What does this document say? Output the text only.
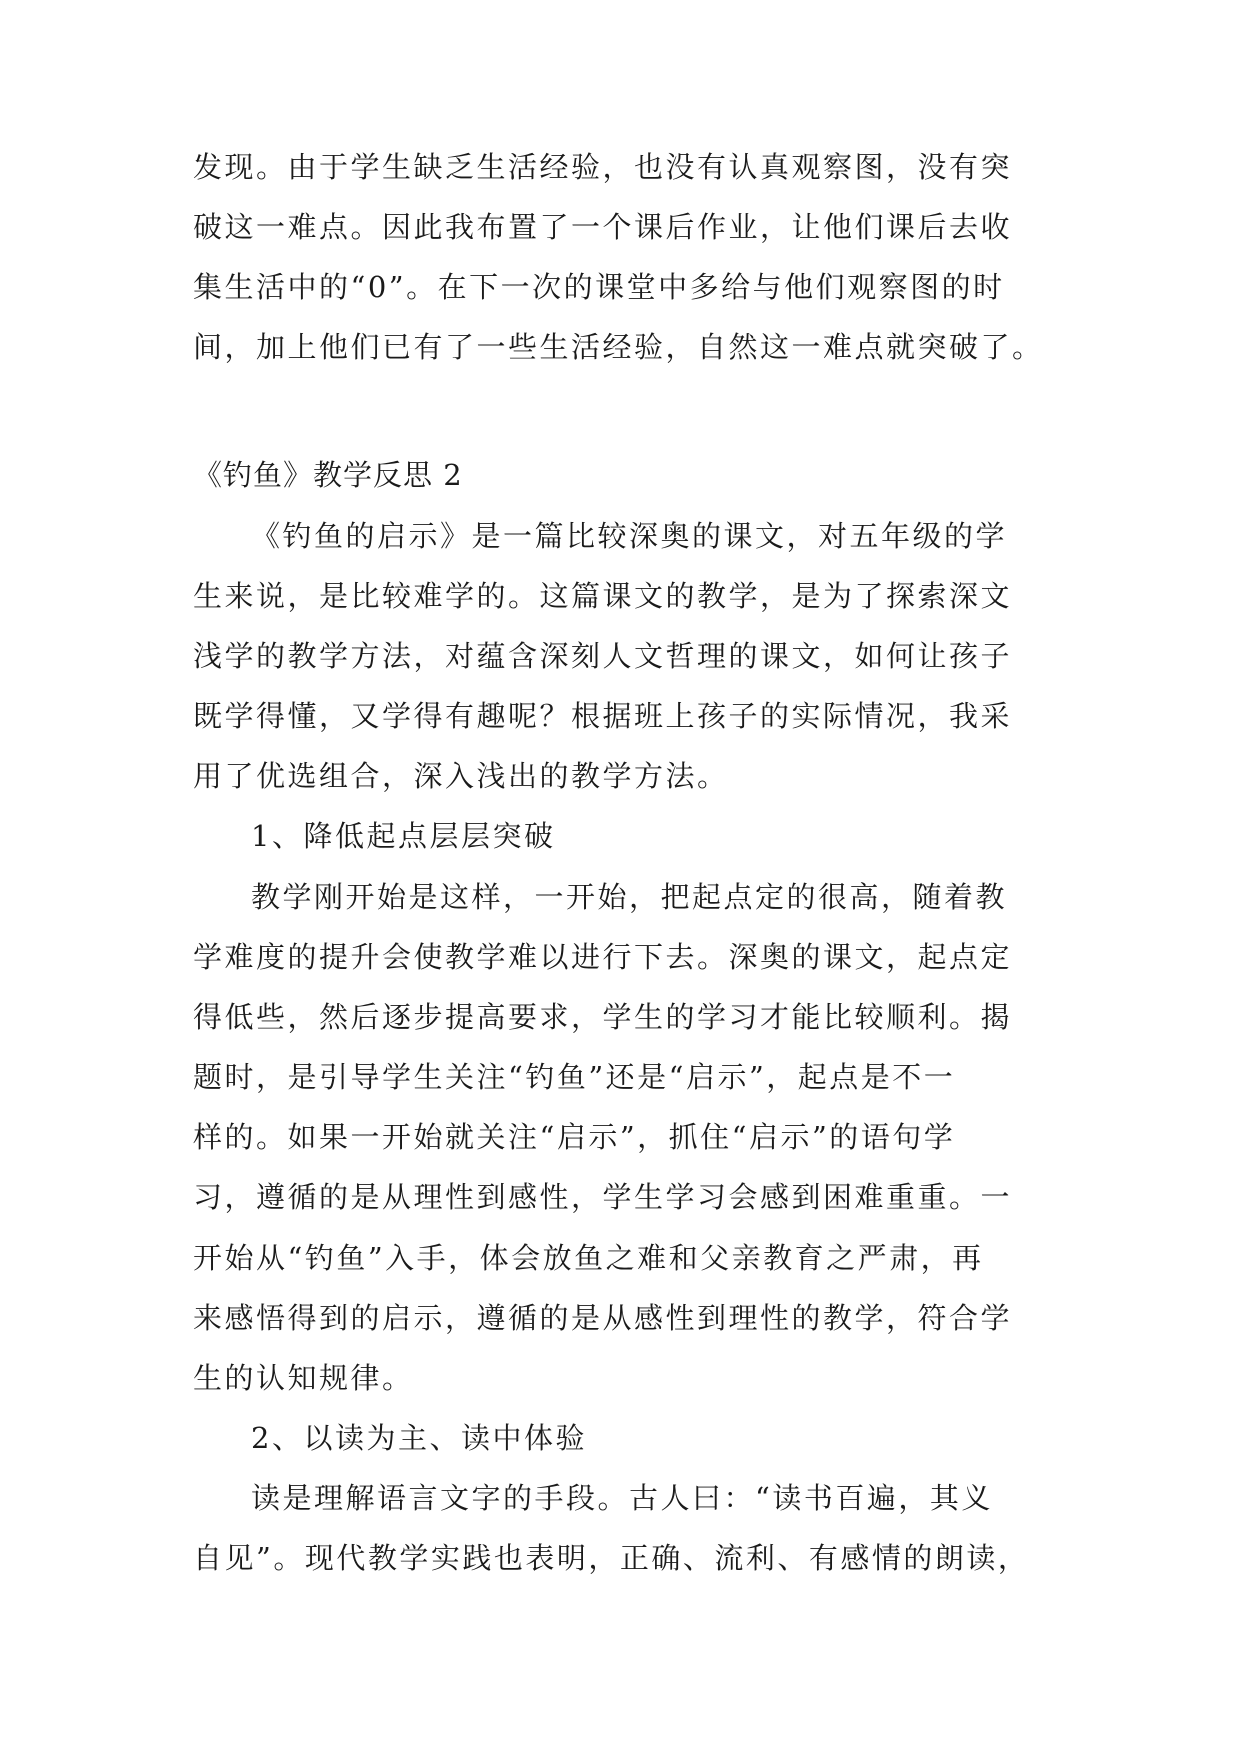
发现。由于学生缺乏生活经验，也没有认真观察图，没有突
破这一难点。因此我布置了一个课后作业，让他们课后去收
集生活中的“0”。在下一次的课堂中多给与他们观察图的时
间，加上他们已有了一些生活经验，自然这一难点就突破了。
《钓鱼》教学反思 2
《钓鱼的启示》是一篇比较深奥的课文，对五年级的学
生来说，是比较难学的。这篇课文的教学，是为了探索深文
浅学的教学方法，对蕴含深刻人文哲理的课文，如何让孩子
既学得懂，又学得有趣呢？根据班上孩子的实际情况，我采
用了优选组合，深入浅出的教学方法。
1、降低起点层层突破
教学刚开始是这样，一开始，把起点定的很高，随着教
学难度的提升会使教学难以进行下去。深奥的课文，起点定
得低些，然后逐步提高要求，学生的学习才能比较顺利。揭
题时，是引导学生关注“钓鱼”还是“启示”，起点是不一
样的。如果一开始就关注“启示”，抓住“启示”的语句学
习，遵循的是从理性到感性，学生学习会感到困难重重。一
开始从“钓鱼”入手，体会放鱼之难和父亲教育之严肃，再
来感悟得到的启示，遵循的是从感性到理性的教学，符合学
生的认知规律。
2、以读为主、读中体验
读是理解语言文字的手段。古人曰：“读书百遍，其义
自见”。现代教学实践也表明，正确、流利、有感情的朗读，
